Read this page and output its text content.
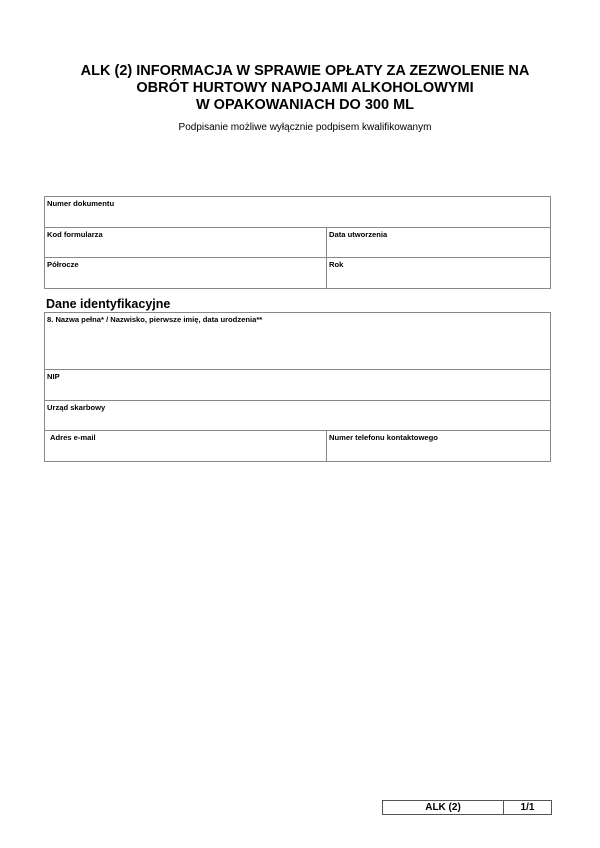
ALK (2) INFORMACJA W SPRAWIE OPŁATY ZA ZEZWOLENIE NA
OBRÓT HURTOWY NAPOJAMI ALKOHOLOWYMI
W OPAKOWANIACH DO 300 ML
Podpisanie możliwe wyłącznie podpisem kwalifikowanym
Numer dokumentu
Kod formularza	Data utworzenia
Półrocze	Rok
Dane identyfikacyjne
8. Nazwa pełna* / Nazwisko, pierwsze imię, data urodzenia**
NIP
Urząd skarbowy
Adres e-mail	Numer telefonu kontaktowego
ALK (2)	1/1
